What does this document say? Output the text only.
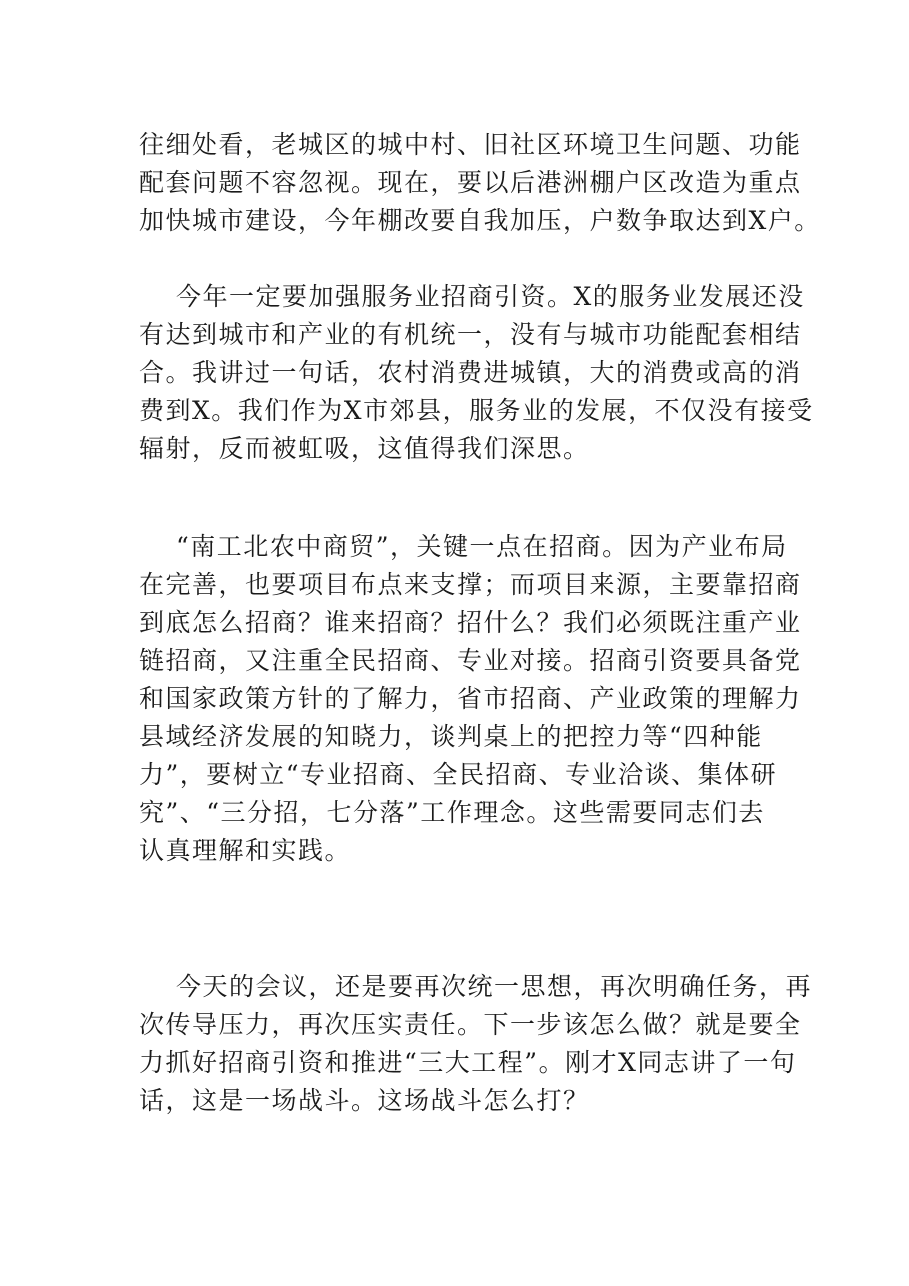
往细处看，老城区的城中村、旧社区环境卫生问题、功能
配套问题不容忽视。现在，要以后港洲棚户区改造为重点
加快城市建设，今年棚改要自我加压，户数争取达到X户。
今年一定要加强服务业招商引资。X的服务业发展还没
有达到城市和产业的有机统一，没有与城市功能配套相结
合。我讲过一句话，农村消费进城镇，大的消费或高的消
费到X。我们作为X市郊县，服务业的发展，不仅没有接受
辐射，反而被虹吸，这值得我们深思。
“南工北农中商贸”，关键一点在招商。因为产业布局
在完善，也要项目布点来支撑；而项目来源，主要靠招商
到底怎么招商？谁来招商？招什么？我们必须既注重产业
链招商，又注重全民招商、专业对接。招商引资要具备党
和国家政策方针的了解力，省市招商、产业政策的理解力
县域经济发展的知晓力，谈判桌上的把控力等“四种能
力”，要树立“专业招商、全民招商、专业洽谈、集体研
究”、“三分招，七分落”工作理念。这些需要同志们去
认真理解和实践。
今天的会议，还是要再次统一思想，再次明确任务，再
次传导压力，再次压实责任。下一步该怎么做？就是要全
力抓好招商引资和推进“三大工程”。刚才X同志讲了一句
话，这是一场战斗。这场战斗怎么打？
